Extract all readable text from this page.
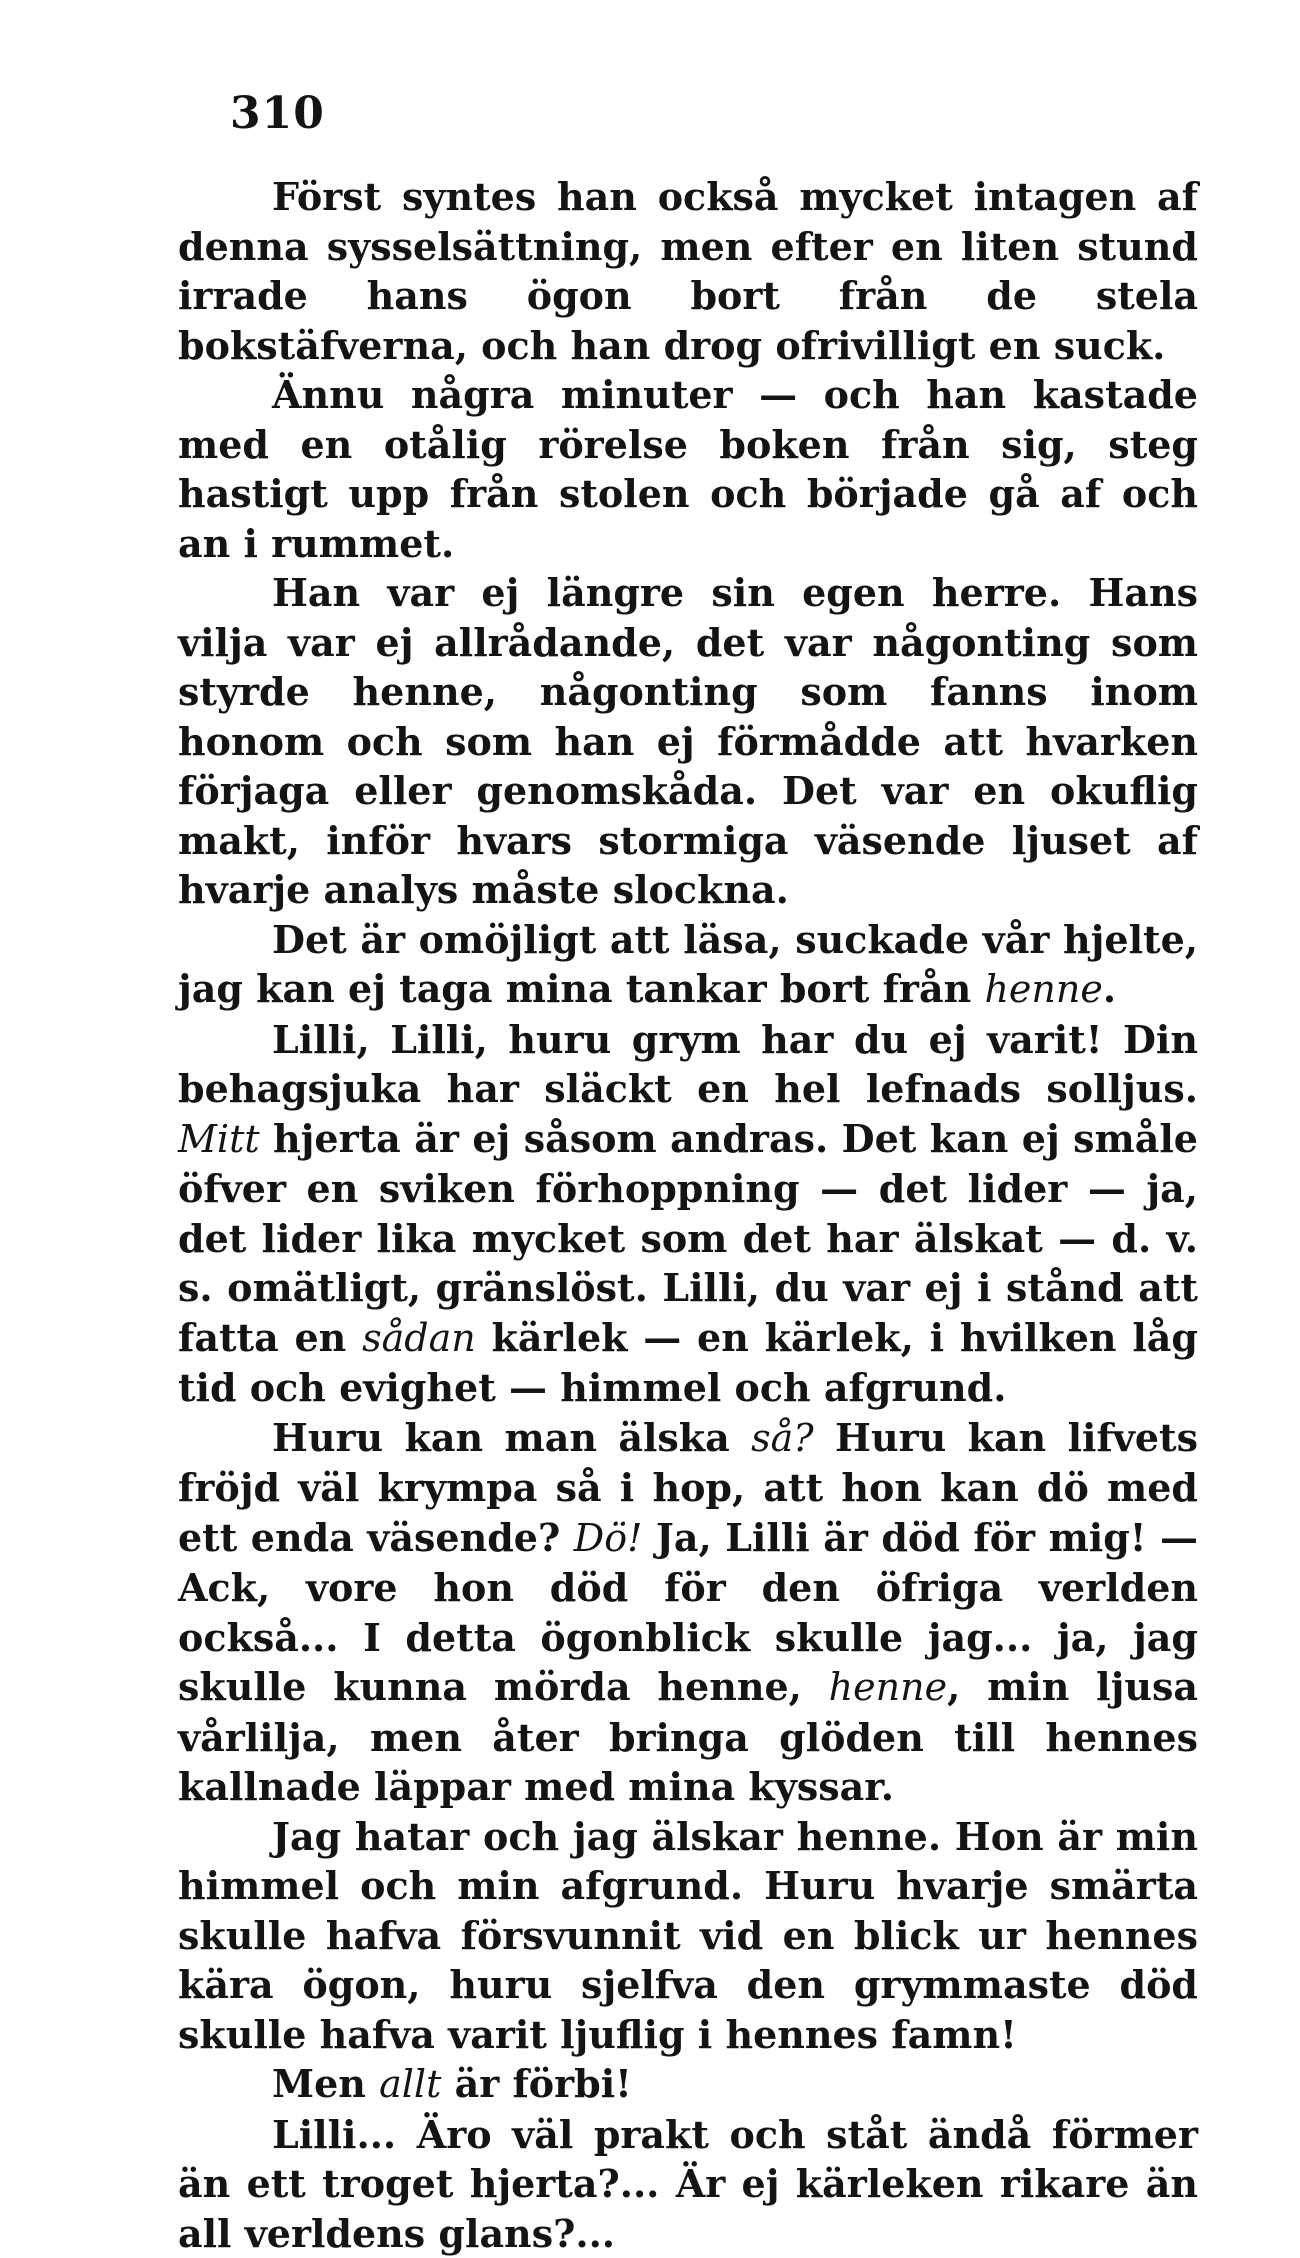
310

Först syntes han också mycket intagen af denna sysselsättning, men efter en liten stund irrade hans ögon bort från de stela bokstäfverna, och han drog ofrivilligt en suck.

Ännu några minuter — och han kastade med en otålig rörelse boken från sig, steg hastigt upp från stolen och började gå af och an i rummet.

Han var ej längre sin egen herre. Hans vilja var ej allrådande, det var någonting som styrde henne, någonting som fanns inom honom och som han ej förmådde att hvarken förjaga eller genomskåda. Det var en okuflig makt, inför hvars stormiga väsende ljuset af hvarje analys måste slockna.

Det är omöjligt att läsa, suckade vår hjelte, jag kan ej taga mina tankar bort från henne.

Lilli, Lilli, huru grym har du ej varit! Din behagsjuka har släckt en hel lefnads solljus. Mitt hjerta är ej såsom andras. Det kan ej småle öfver en sviken förhoppning — det lider — ja, det lider lika mycket som det har älskat — d. v. s. omätligt, gränslöst. Lilli, du var ej i stånd att fatta en sådan kärlek — en kärlek, i hvilken låg tid och evighet — himmel och afgrund.

Huru kan man älska så? Huru kan lifvets fröjd väl krympa så i hop, att hon kan dö med ett enda väsende? Dö! Ja, Lilli är död för mig! — Ack, vore hon död för den öfriga verlden också... I detta ögonblick skulle jag... ja, jag skulle kunna mörda henne, henne, min ljusa vårlilja, men åter bringa glöden till hennes kallnade läppar med mina kyssar.

Jag hatar och jag älskar henne. Hon är min himmel och min afgrund. Huru hvarje smärta skulle hafva försvunnit vid en blick ur hennes kära ögon, huru sjelfva den grymmaste död skulle hafva varit ljuflig i hennes famn!

Men allt är förbi!

Lilli... Äro väl prakt och ståt ändå förmer än ett troget hjerta?... Är ej kärleken rikare än all verldens glans?...
